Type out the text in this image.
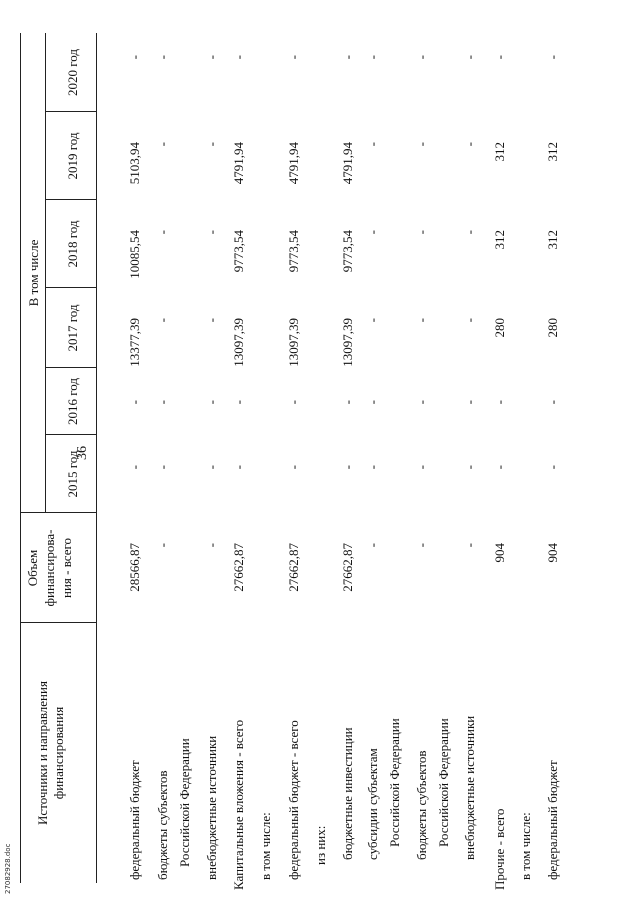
36
Источники и направления финансирования
Объем финансирова- ния - всего
В том числе
2015 год
2016 год
2017 год
2018 год
2019 год
2020 год
федеральный бюджет
28566,87
-
-
13377,39
10085,54
5103,94
-
бюджеты субъектов
-
-
-
-
-
-
-
Российской Федерации внебюджетные источники
-
-
-
-
-
-
-
Капитальные вложения - всего
27662,87
-
-
13097,39
9773,54
4791,94
-
в том числе: федеральный бюджет - всего
27662,87
-
-
13097,39
9773,54
4791,94
-
из них: бюджетные инвестиции
27662,87
-
-
13097,39
9773,54
4791,94
-
субсидии субъектам
-
-
-
-
-
-
-
Российской Федерации бюджеты субъектов
-
-
-
-
-
-
-
Российской Федерации внебюджетные источники
-
-
-
-
-
-
-
Прочие - всего
904
-
-
280
312
312
-
в том числе: федеральный бюджет
904
-
-
280
312
312
-
27082928.doc
